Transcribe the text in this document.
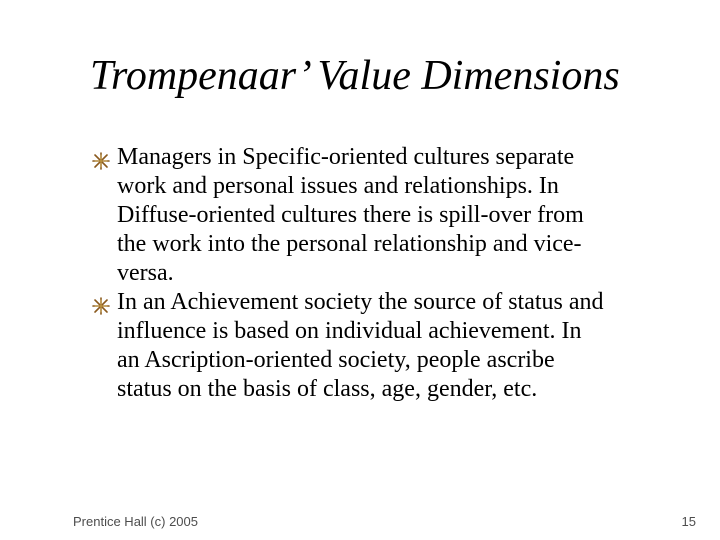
Trompenaar’ Value Dimensions
Managers in Specific-oriented cultures separate
work and personal issues and relationships. In
Diffuse-oriented cultures there is spill-over from
the work into the personal relationship and vice-
versa.
In an Achievement society the source of status and
influence is based on individual achievement. In
an Ascription-oriented society, people ascribe
status on the basis of class, age, gender, etc.
Prentice Hall (c) 2005	15
